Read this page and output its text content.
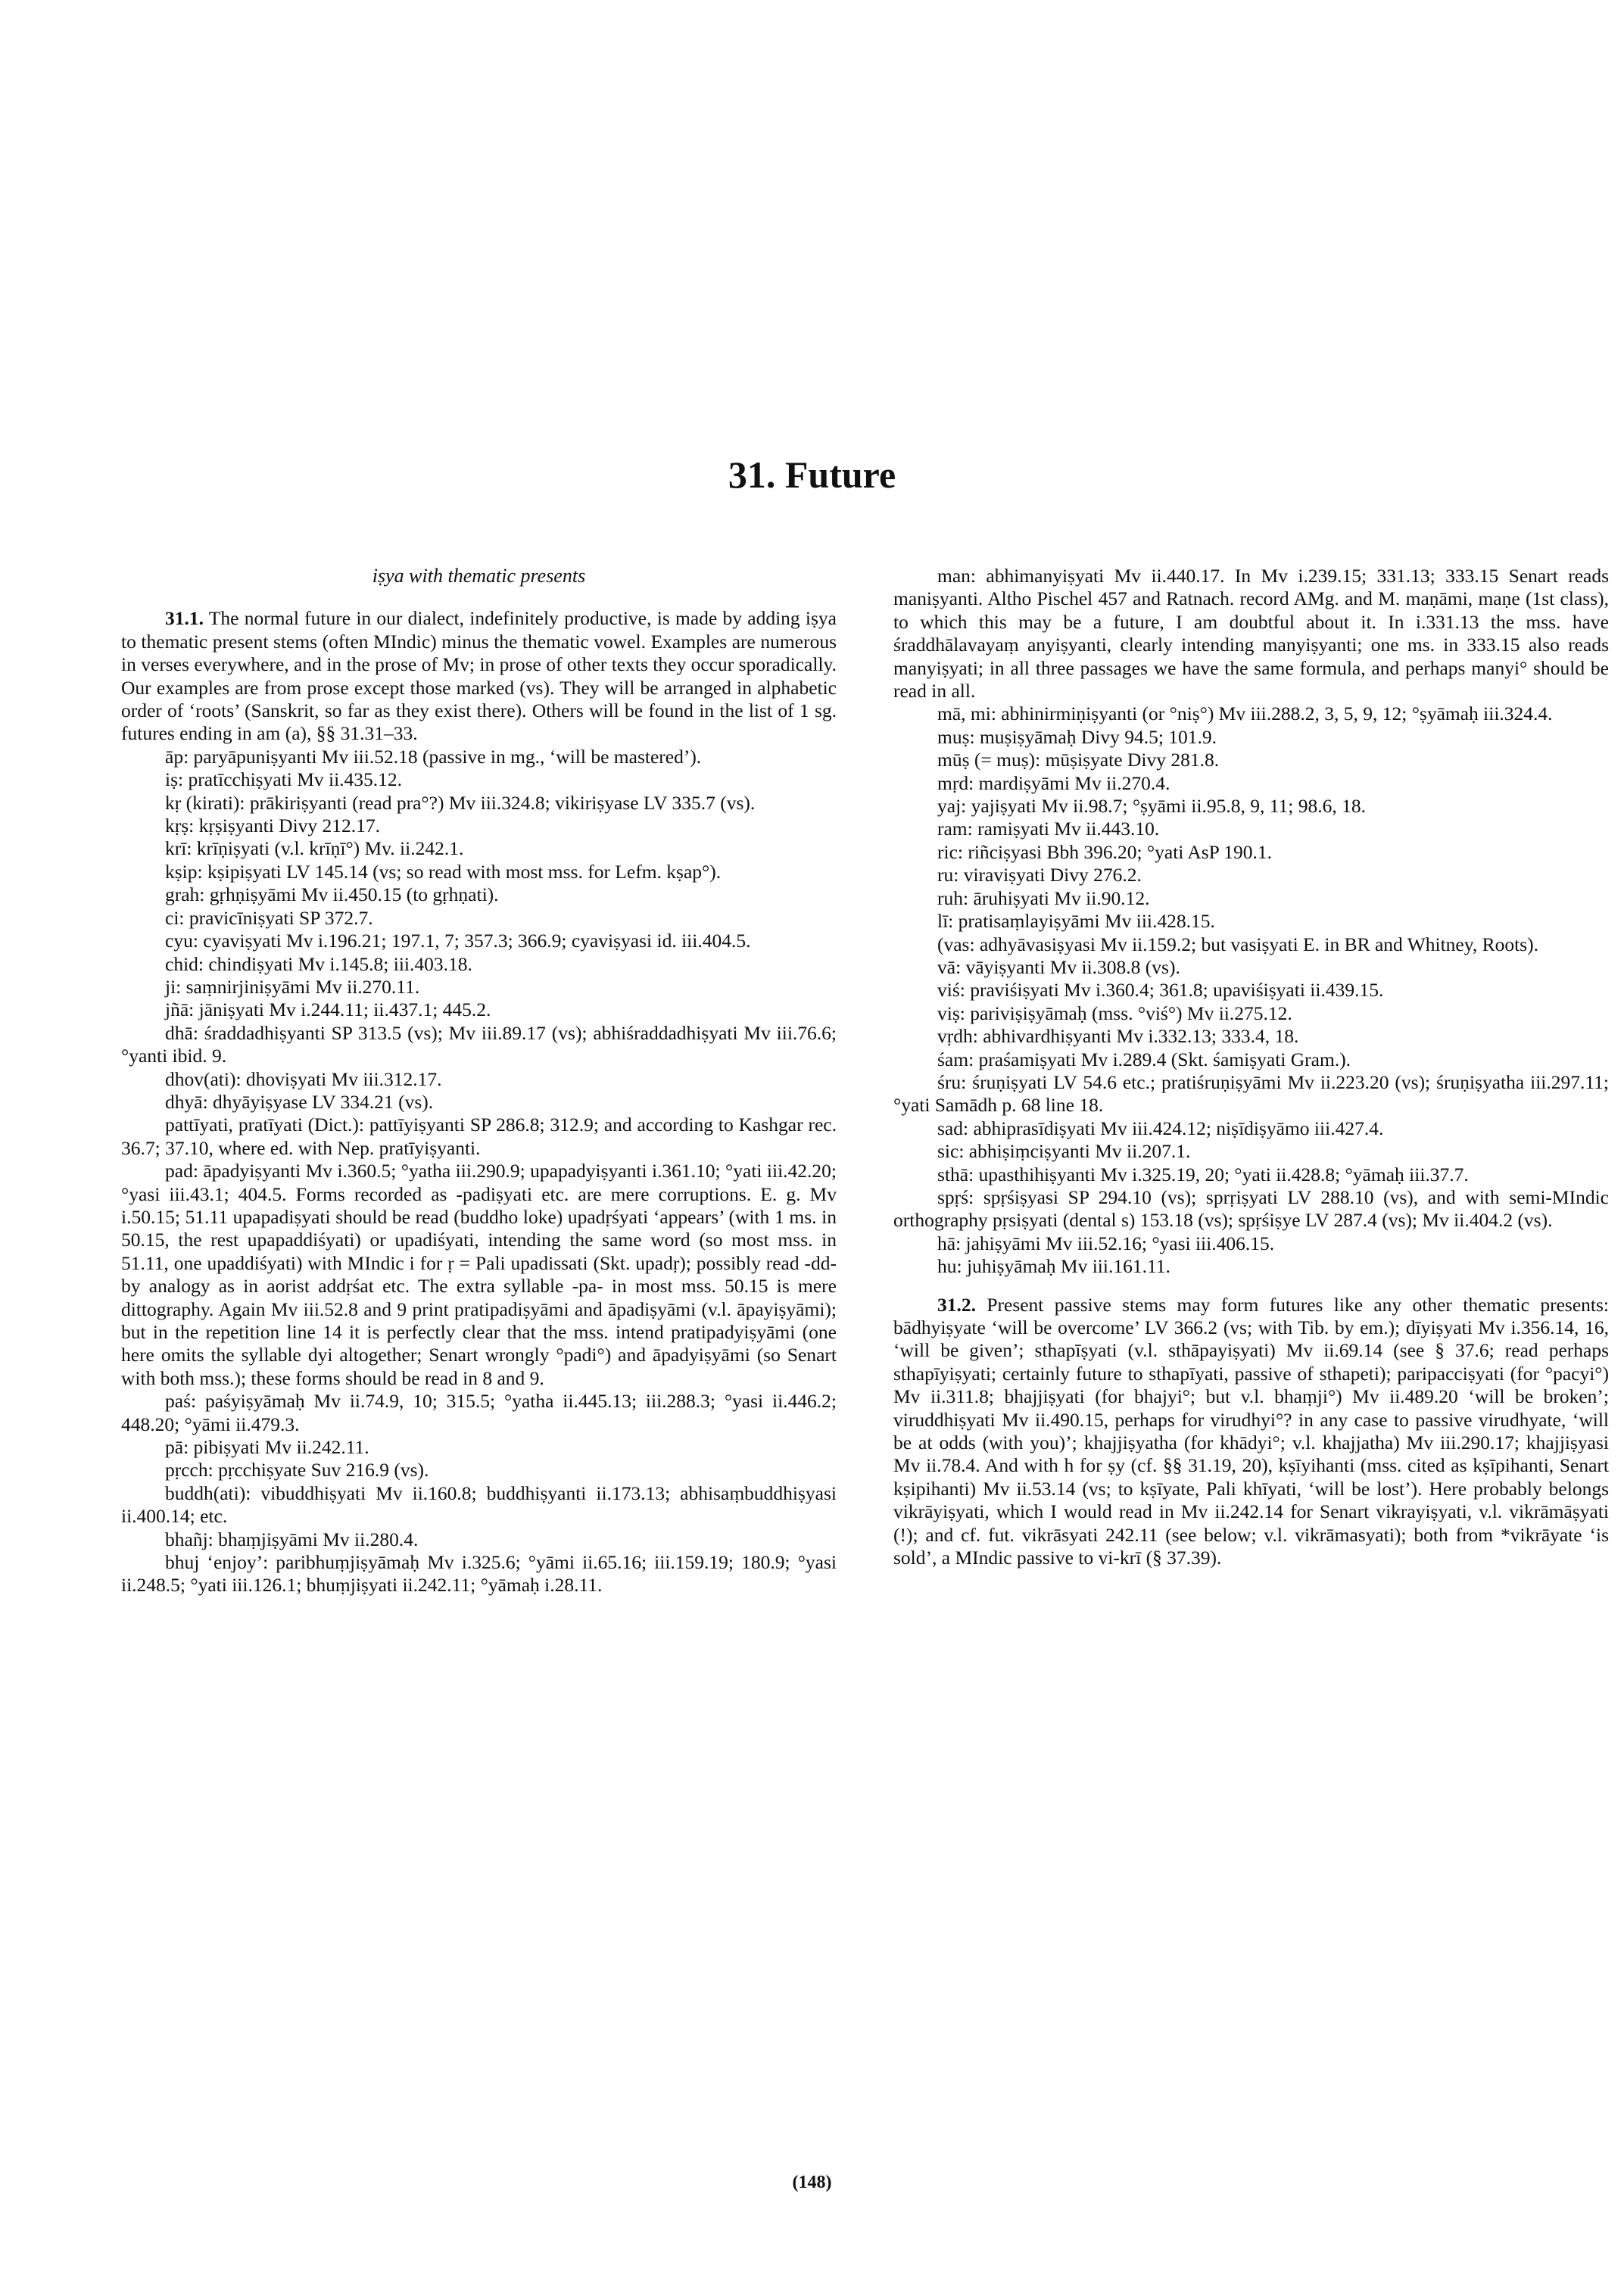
31. Future
iṣya with thematic presents

31.1. The normal future in our dialect, indefinitely productive, is made by adding iṣya to thematic present stems (often MIndic) minus the thematic vowel. Examples are numerous in verses everywhere, and in the prose of Mv; in prose of other texts they occur sporadically. Our examples are from prose except those marked (vs). They will be arranged in alphabetic order of ‘roots’ (Sanskrit, so far as they exist there). Others will be found in the list of 1 sg. futures ending in am (a), §§ 31.31–33.

āp: paryāpuniṣyanti Mv iii.52.18 (passive in mg., ‘will be mastered’).

iṣ: pratīcchiṣyati Mv ii.435.12.

kṛ (kirati): prākiriṣyanti (read pra°?) Mv iii.324.8; vikiriṣyase LV 335.7 (vs).

kṛṣ: kṛṣiṣyanti Divy 212.17.

krī: krīṇiṣyati (v.l. krīṇī°) Mv. ii.242.1.

kṣip: kṣipiṣyati LV 145.14 (vs; so read with most mss. for Lefm. kṣap°).

grah: gṛhṇiṣyāmi Mv ii.450.15 (to gṛhṇati).

ci: pravicīniṣyati SP 372.7.

cyu: cyaviṣyati Mv i.196.21; 197.1, 7; 357.3; 366.9; cyaviṣyasi id. iii.404.5.

chid: chindiṣyati Mv i.145.8; iii.403.18.

ji: saṃnirjiniṣyāmi Mv ii.270.11.

jñā: jāniṣyati Mv i.244.11; ii.437.1; 445.2.

dhā: śraddadhiṣyanti SP 313.5 (vs); Mv iii.89.17 (vs); abhiśraddadhiṣyati Mv iii.76.6; °yanti ibid. 9.

dhov(ati): dhoviṣyati Mv iii.312.17.

dhyā: dhyāyiṣyase LV 334.21 (vs).

pattīyati, pratīyati (Dict.): pattīyiṣyanti SP 286.8; 312.9; and according to Kashgar rec. 36.7; 37.10, where ed. with Nep. pratīyiṣyanti.

pad: āpadyiṣyanti Mv i.360.5; °yatha iii.290.9; upapadyiṣyanti i.361.10; °yati iii.42.20; °yasi iii.43.1; 404.5. Forms recorded as -padiṣyati etc. are mere corruptions. E. g. Mv i.50.15; 51.11 upapadiṣyati should be read (buddho loke) upadṛśyati ‘appears’ (with 1 ms. in 50.15, the rest upapaddiśyati) or upadiśyati, intending the same word (so most mss. in 51.11, one upaddiśyati) with MIndic i for ṛ = Pali upadissati (Skt. upadṛ); possibly read -dd- by analogy as in aorist addṛśat etc. The extra syllable -pa- in most mss. 50.15 is mere dittography. Again Mv iii.52.8 and 9 print pratipadiṣyāmi and āpadiṣyāmi (v.l. āpayiṣyāmi); but in the repetition line 14 it is perfectly clear that the mss. intend pratipadyiṣyāmi (one here omits the syllable dyi altogether; Senart wrongly °padi°) and āpadyiṣyāmi (so Senart with both mss.); these forms should be read in 8 and 9.

paś: paśyiṣyāmaḥ Mv ii.74.9, 10; 315.5; °yatha ii.445.13; iii.288.3; °yasi ii.446.2; 448.20; °yāmi ii.479.3.

pā: pibiṣyati Mv ii.242.11.

pṛcch: pṛcchiṣyate Suv 216.9 (vs).

buddh(ati): vibuddhiṣyati Mv ii.160.8; buddhiṣyanti ii.173.13; abhisaṃbuddhiṣyasi ii.400.14; etc.

bhañj: bhaṃjiṣyāmi Mv ii.280.4.

bhuj ‘enjoy’: paribhuṃjiṣyāmaḥ Mv i.325.6; °yāmi ii.65.16; iii.159.19; 180.9; °yasi ii.248.5; °yati iii.126.1; bhuṃjiṣyati ii.242.11; °yāmaḥ i.28.11.

man: abhimanyiṣyati Mv ii.440.17. In Mv i.239.15; 331.13; 333.15 Senart reads maniṣyanti. Altho Pischel 457 and Ratnach. record AMg. and M. maṇāmi, maṇe (1st class), to which this may be a future, I am doubtful about it. In i.331.13 the mss. have śraddhālavayaṃ anyiṣyanti, clearly intending manyiṣyanti; one ms. in 333.15 also reads manyiṣyati; in all three passages we have the same formula, and perhaps manyi° should be read in all.

mā, mi: abhinirmiṇiṣyanti (or °niṣ°) Mv iii.288.2, 3, 5, 9, 12; °ṣyāmaḥ iii.324.4.

muṣ: muṣiṣyāmaḥ Divy 94.5; 101.9.

mūṣ (= muṣ): mūṣiṣyate Divy 281.8.

mṛd: mardiṣyāmi Mv ii.270.4.

yaj: yajiṣyati Mv ii.98.7; °ṣyāmi ii.95.8, 9, 11; 98.6, 18.

ram: ramiṣyati Mv ii.443.10.

ric: riñciṣyasi Bbh 396.20; °yati AsP 190.1.

ru: viraviṣyati Divy 276.2.

ruh: āruhiṣyati Mv ii.90.12.

lī: pratisaṃlayiṣyāmi Mv iii.428.15.

(vas: adhyāvasiṣyasi Mv ii.159.2; but vasiṣyati E. in BR and Whitney, Roots).

vā: vāyiṣyanti Mv ii.308.8 (vs).

viś: praviśiṣyati Mv i.360.4; 361.8; upaviśiṣyati ii.439.15.

viṣ: pariviṣiṣyāmaḥ (mss. °viś°) Mv ii.275.12.

vṛdh: abhivardhiṣyanti Mv i.332.13; 333.4, 18.

śam: praśamiṣyati Mv i.289.4 (Skt. śamiṣyati Gram.).

śru: śruṇiṣyati LV 54.6 etc.; pratiśruṇiṣyāmi Mv ii.223.20 (vs); śruṇiṣyatha iii.297.11; °yati Samādh p. 68 line 18.

sad: abhiprasīdiṣyati Mv iii.424.12; niṣīdiṣyāmo iii.427.4.

sic: abhiṣiṃciṣyanti Mv ii.207.1.

sthā: upasthihiṣyanti Mv i.325.19, 20; °yati ii.428.8; °yāmaḥ iii.37.7.

spṛś: spṛśiṣyasi SP 294.10 (vs); sprṛiṣyati LV 288.10 (vs), and with semi-MIndic orthography pṛsiṣyati (dental s) 153.18 (vs); spṛśiṣye LV 287.4 (vs); Mv ii.404.2 (vs).

hā: jahiṣyāmi Mv iii.52.16; °yasi iii.406.15.

hu: juhiṣyāmaḥ Mv iii.161.11.

31.2. Present passive stems may form futures like any other thematic presents: bādhyiṣyate ‘will be overcome’ LV 366.2 (vs; with Tib. by em.); dīyiṣyati Mv i.356.14, 16, ‘will be given’; sthapīṣyati (v.l. sthāpayiṣyati) Mv ii.69.14 (see § 37.6; read perhaps sthapīyiṣyati; certainly future to sthapīyati, passive of sthapeti); paripacciṣyati (for °pacyi°) Mv ii.311.8; bhajjiṣyati (for bhajyi°; but v.l. bhaṃji°) Mv ii.489.20 ‘will be broken’; viruddhiṣyati Mv ii.490.15, perhaps for virudhyi°? in any case to passive virudhyate, ‘will be at odds (with you)’; khajjiṣyatha (for khādyi°; v.l. khajjatha) Mv iii.290.17; khajjiṣyasi Mv ii.78.4. And with h for ṣy (cf. §§ 31.19, 20), kṣīyihanti (mss. cited as kṣīpihanti, Senart kṣipihanti) Mv ii.53.14 (vs; to kṣīyate, Pali khīyati, ‘will be lost’). Here probably belongs vikrāyiṣyati, which I would read in Mv ii.242.14 for Senart vikrayiṣyati, v.l. vikrāmāṣyati (!); and cf. fut. vikrāsyati 242.11 (see below; v.l. vikrāmasyati); both from *vikrāyate ‘is sold’, a MIndic passive to vi-krī (§ 37.39).

(148)
